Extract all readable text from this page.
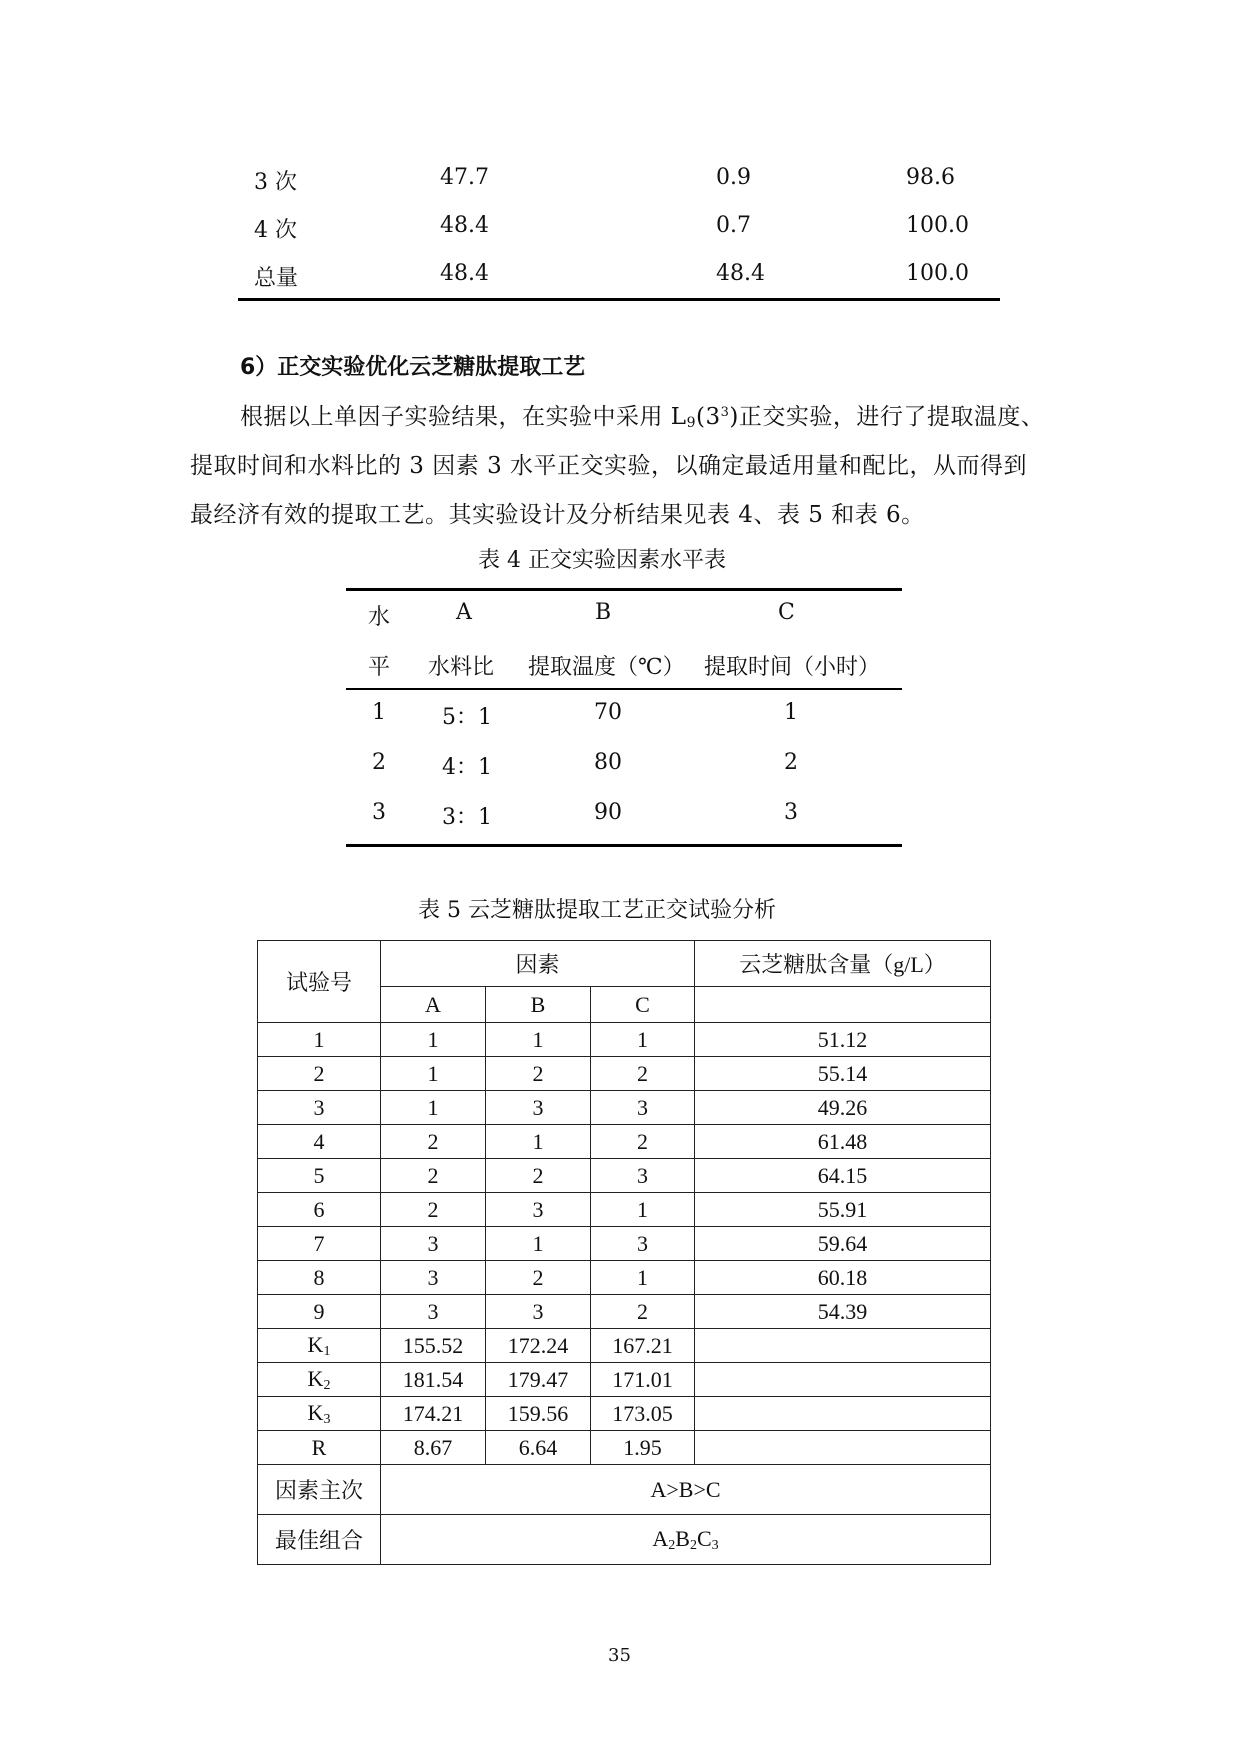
3 次	47.7	0.9	98.6
4 次	48.4	0.7	100.0
总量	48.4	48.4	100.0
6）正交实验优化云芝糖肽提取工艺
根据以上单因子实验结果，在实验中采用 $L_9(3^3)$正交实验，进行了提取温度、
提取时间和水料比的 3 因素 3 水平正交实验，以确定最适用量和配比，从而得到
最经济有效的提取工艺。其实验设计及分析结果见表 4、表 5 和表 6。
表 4 正交实验因素水平表
水	A	B	C
平 水料比 提取温度（℃） 提取时间（小时）
1	5：1	70	1
2	4：1	80	2
3	3：1	90	3
表 5 云芝糖肽提取工艺正交试验分析
试验号	因素			云芝糖肽含量（g/L）
	A	B	C	
1	1	1	1	51.12
2	1	2	2	55.14
3	1	3	3	49.26
4	2	1	2	61.48
5	2	2	3	64.15
6	2	3	1	55.91
7	3	1	3	59.64
8	3	2	1	60.18
9	3	3	2	54.39
$K_1$	155.52	172.24	167.21	
$K_2$	181.54	179.47	171.01	
$K_3$	174.21	159.56	173.05	
R	8.67	6.64	1.95	
因素主次	A>B>C			
最佳组合	$A_2B_2C_3$
35
